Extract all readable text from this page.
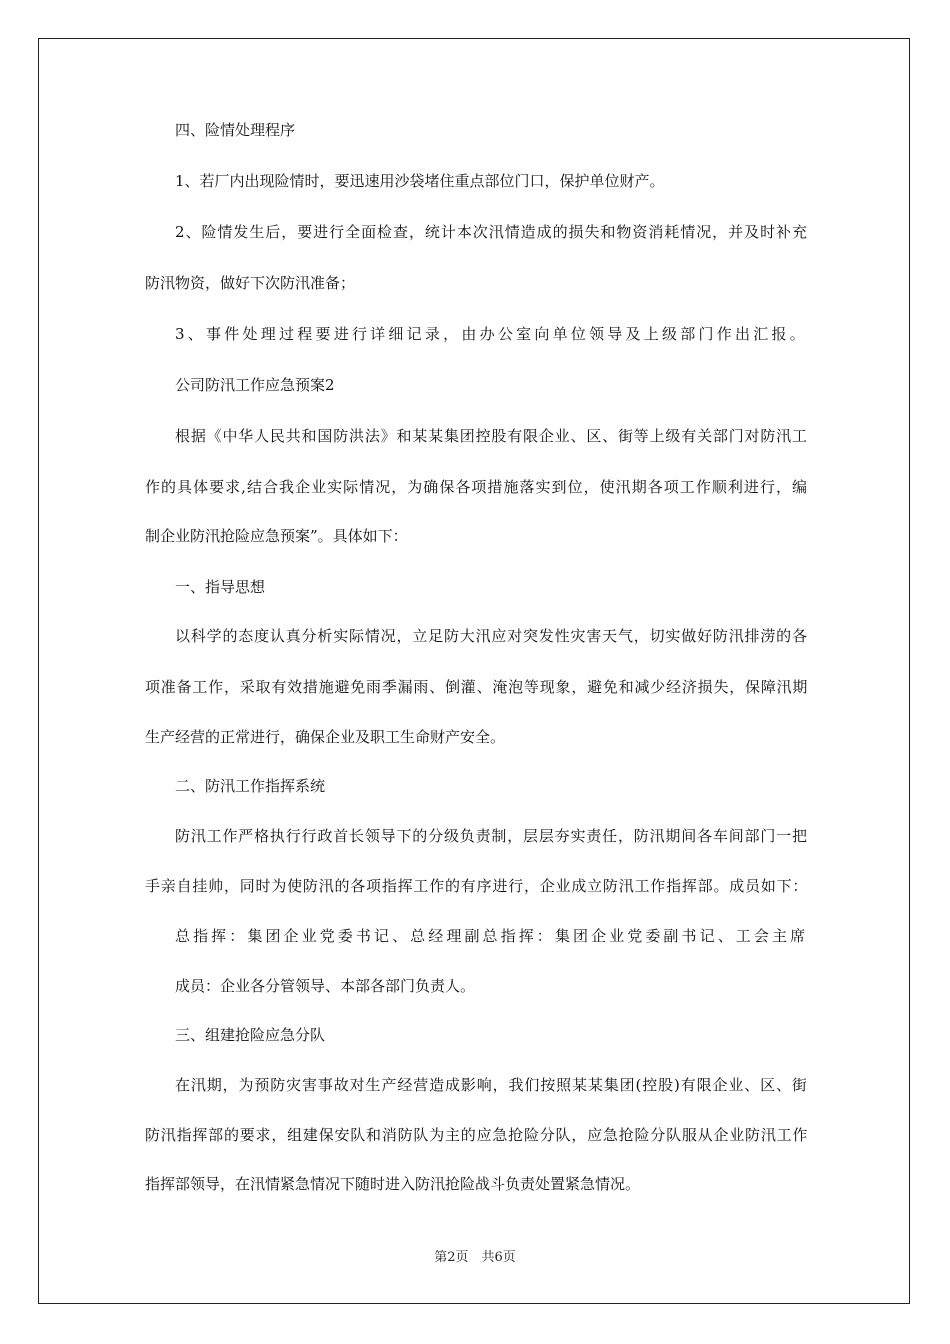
四、险情处理程序
1、若厂内出现险情时，要迅速用沙袋堵住重点部位门口，保护单位财产。
2、险情发生后，要进行全面检查，统计本次汛情造成的损失和物资消耗情况，并及时补充
防汛物资，做好下次防汛准备；
3、事件处理过程要进行详细记录，由办公室向单位领导及上级部门作出汇报。
公司防汛工作应急预案2
根据《中华人民共和国防洪法》和某某集团控股有限企业、区、街等上级有关部门对防汛工
作的具体要求,结合我企业实际情况，为确保各项措施落实到位，使汛期各项工作顺利进行，编
制企业防汛抢险应急预案”。具体如下：
一、指导思想
以科学的态度认真分析实际情况，立足防大汛应对突发性灾害天气，切实做好防汛排涝的各
项准备工作，采取有效措施避免雨季漏雨、倒灌、淹泡等现象，避免和减少经济损失，保障汛期
生产经营的正常进行，确保企业及职工生命财产安全。
二、防汛工作指挥系统
防汛工作严格执行行政首长领导下的分级负责制，层层夯实责任，防汛期间各车间部门一把
手亲自挂帅，同时为使防汛的各项指挥工作的有序进行，企业成立防汛工作指挥部。成员如下：
总指挥：集团企业党委书记、总经理副总指挥：集团企业党委副书记、工会主席
成员：企业各分管领导、本部各部门负责人。
三、组建抢险应急分队
在汛期，为预防灾害事故对生产经营造成影响，我们按照某某集团(控股)有限企业、区、街
防汛指挥部的要求，组建保安队和消防队为主的应急抢险分队，应急抢险分队服从企业防汛工作
指挥部领导，在汛情紧急情况下随时进入防汛抢险战斗负责处置紧急情况。
第2页　共6页
